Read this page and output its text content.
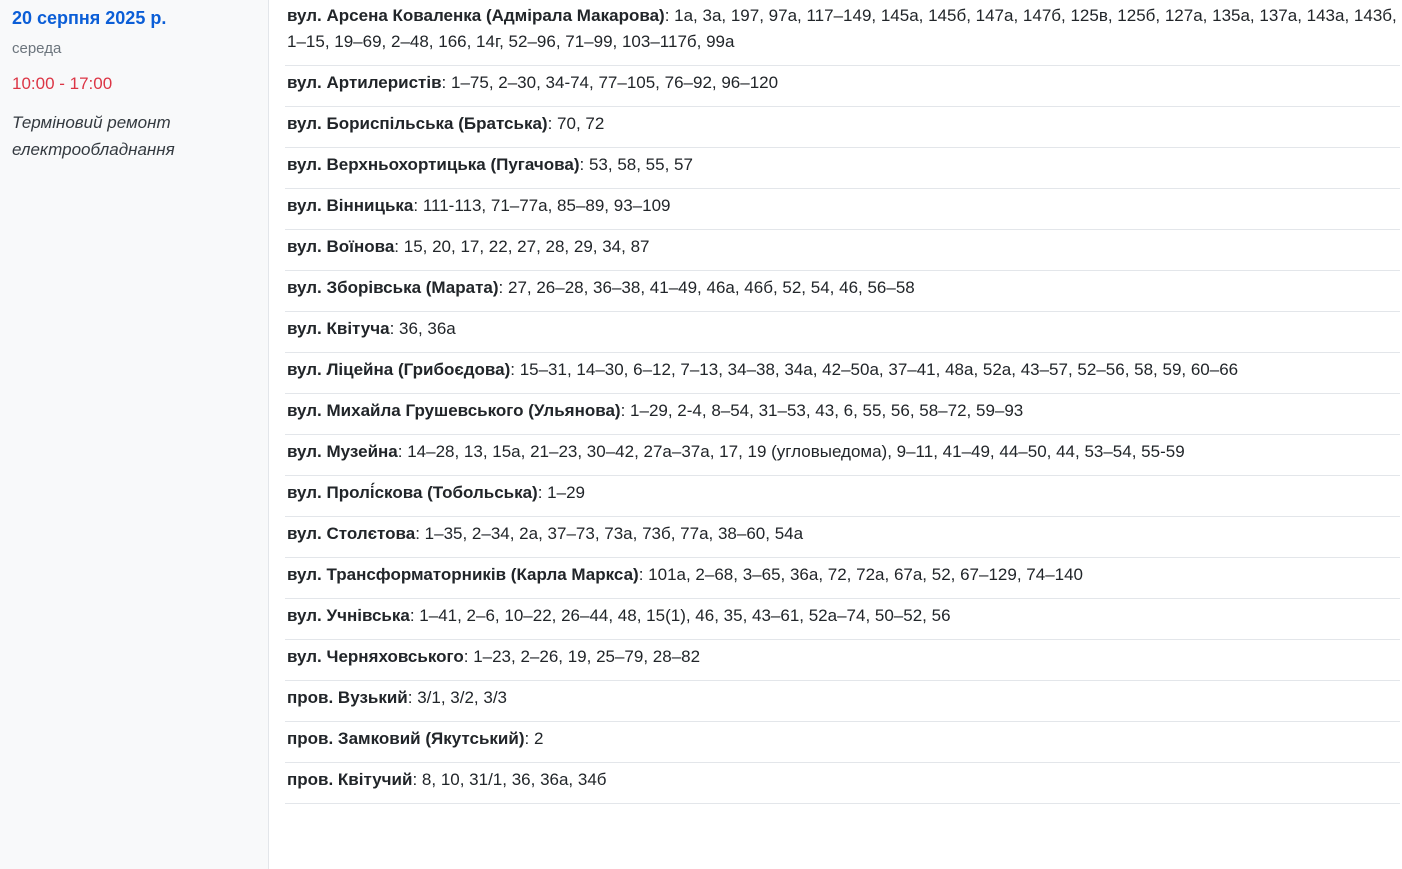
20 серпня 2025 р.
середа
10:00 - 17:00
Терміновий ремонт електрообладнання
вул. Арсена Коваленка (Адмірала Макарова): 1а, 3а, 197, 97а, 117–149, 145а, 145б, 147а, 147б, 125в, 125б, 127а, 135а, 137а, 143а, 143б, 1–15, 19–69, 2–48, 166, 14г, 52–96, 71–99, 103–117б, 99а
вул. Артилеристів: 1–75, 2–30, 34-74, 77–105, 76–92, 96–120
вул. Бориспільська (Братська): 70, 72
вул. Верхньохортицька (Пугачова): 53, 58, 55, 57
вул. Вінницька: 111-113, 71–77а, 85–89, 93–109
вул. Воїнова: 15, 20, 17, 22, 27, 28, 29, 34, 87
вул. Зборівська (Марата): 27, 26–28, 36–38, 41–49, 46а, 46б, 52, 54, 46, 56–58
вул. Квітуча: 36, 36а
вул. Ліцейна (Грибоєдова): 15–31, 14–30, 6–12, 7–13, 34–38, 34а, 42–50а, 37–41, 48а, 52а, 43–57, 52–56, 58, 59, 60–66
вул. Михайла Грушевського (Ульянова): 1–29, 2-4, 8–54, 31–53, 43, 6, 55, 56, 58–72, 59–93
вул. Музейна: 14–28, 13, 15а, 21–23, 30–42, 27а–37а, 17, 19 (угловыедома), 9–11, 41–49, 44–50, 44, 53–54, 55-59
вул. Пролі́скова (Тобольська): 1–29
вул. Столєтова: 1–35, 2–34, 2а, 37–73, 73а, 73б, 77а, 38–60, 54а
вул. Трансформаторників (Карла Маркса): 101а, 2–68, 3–65, 36а, 72, 72а, 67а, 52, 67–129, 74–140
вул. Учнівська: 1–41, 2–6, 10–22, 26–44, 48, 15(1), 46, 35, 43–61, 52а–74, 50–52, 56
вул. Черняховського: 1–23, 2–26, 19, 25–79, 28–82
пров. Вузький: 3/1, 3/2, 3/3
пров. Замковий (Якутський): 2
пров. Квітучий: 8, 10, 31/1, 36, 36а, 34б
